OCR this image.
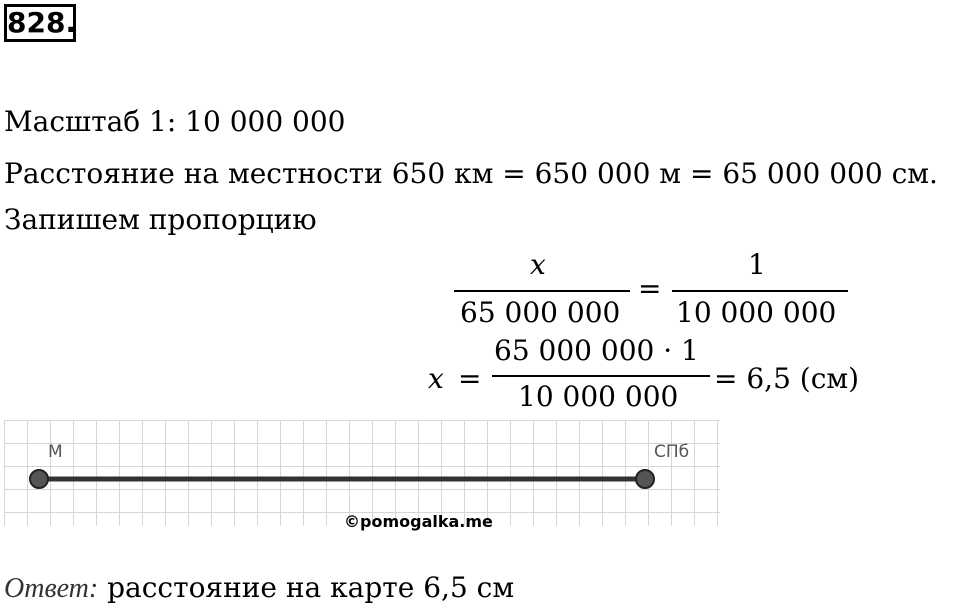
828.
Масштаб 1: 10 000 000
Расстояние на местности 650 км = 650 000 м = 65 000 000 см.
Запишем пропорцию
x
65 000 000
=
1
10 000 000
x =
65 000 000 · 1
10 000 000
= 6,5 (см)
М	СПб
©pomogalka.me
Ответ: расстояние на карте 6,5 см
